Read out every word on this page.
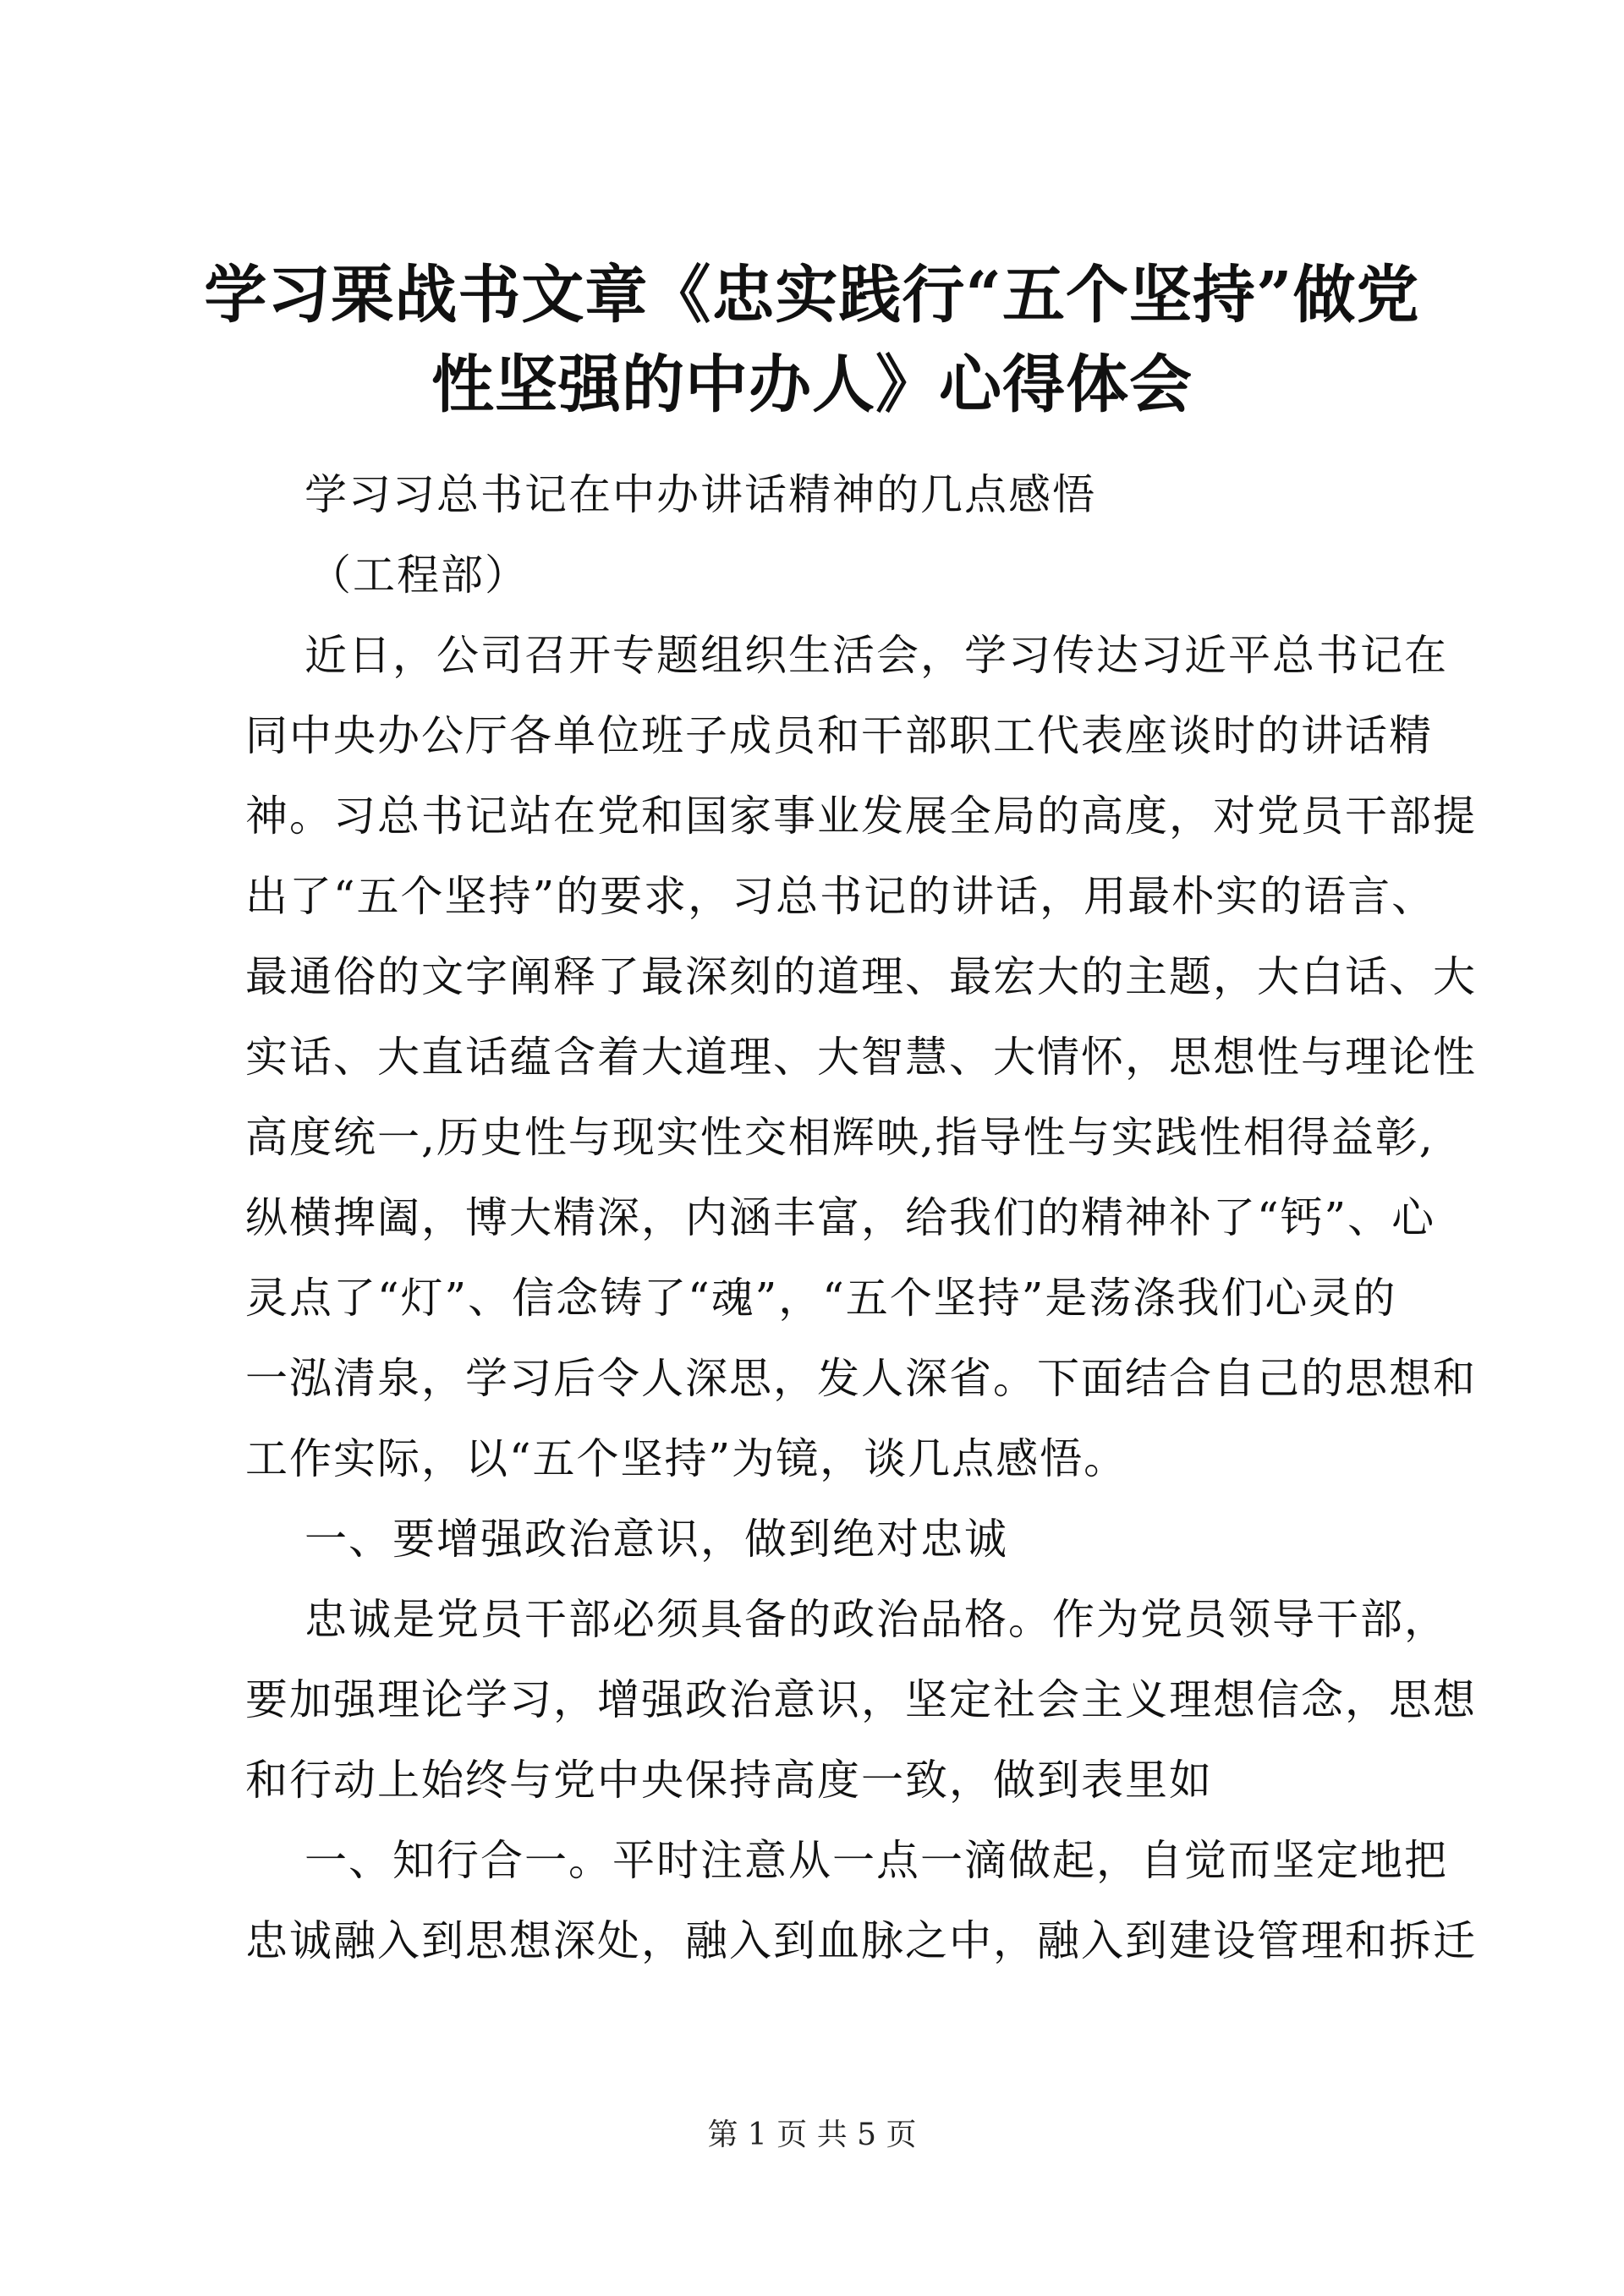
学习栗战书文章《忠实践行“五个坚持”做党
性坚强的中办人》心得体会
学习习总书记在中办讲话精神的几点感悟
（工程部）
近日，公司召开专题组织生活会，学习传达习近平总书记在
同中央办公厅各单位班子成员和干部职工代表座谈时的讲话精
神。习总书记站在党和国家事业发展全局的高度，对党员干部提
出了“五个坚持”的要求，习总书记的讲话，用最朴实的语言、
最通俗的文字阐释了最深刻的道理、最宏大的主题，大白话、大
实话、大直话蕴含着大道理、大智慧、大情怀，思想性与理论性
高度统一,历史性与现实性交相辉映,指导性与实践性相得益彰,
纵横捭阖，博大精深，内涵丰富，给我们的精神补了“钙”、心
灵点了“灯”、信念铸了“魂”，“五个坚持”是荡涤我们心灵的
一泓清泉，学习后令人深思，发人深省。下面结合自己的思想和
工作实际，以“五个坚持”为镜，谈几点感悟。
一、要增强政治意识，做到绝对忠诚
忠诚是党员干部必须具备的政治品格。作为党员领导干部，
要加强理论学习，增强政治意识，坚定社会主义理想信念，思想
和行动上始终与党中央保持高度一致，做到表里如
一、知行合一。平时注意从一点一滴做起，自觉而坚定地把
忠诚融入到思想深处，融入到血脉之中，融入到建设管理和拆迁
第 1 页 共 5 页
